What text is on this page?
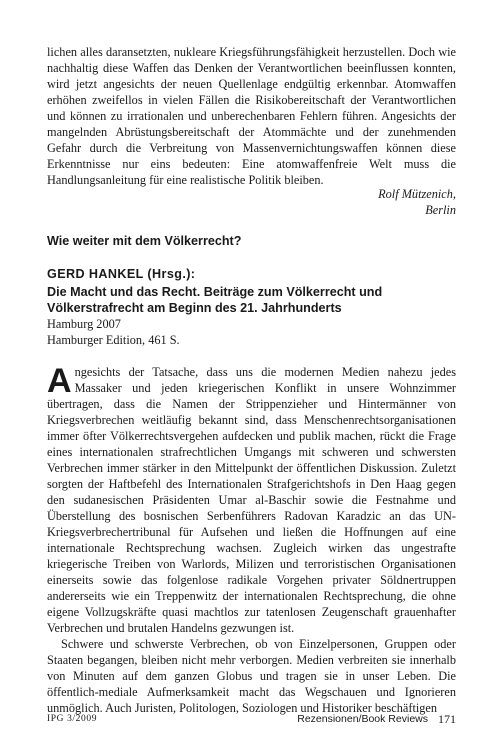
lichen alles daransetzten, nukleare Kriegsführungsfähigkeit herzustellen. Doch wie nachhaltig diese Waffen das Denken der Verantwortlichen beeinflussen konnten, wird jetzt angesichts der neuen Quellenlage endgültig erkennbar. Atomwaffen erhöhen zweifellos in vielen Fällen die Risikobereitschaft der Verantwortlichen und können zu irrationalen und unberechenbaren Fehlern führen. Angesichts der mangelnden Abrüstungsbereitschaft der Atommächte und der zunehmenden Gefahr durch die Verbreitung von Massenvernichtungswaffen können diese Erkenntnisse nur eins bedeuten: Eine atomwaffenfreie Welt muss die Handlungsanleitung für eine realistische Politik bleiben.

Rolf Mützenich,
Berlin
Wie weiter mit dem Völkerrecht?
GERD HANKEL (Hrsg.):
Die Macht und das Recht. Beiträge zum Völkerrecht und Völkerstrafrecht am Beginn des 21. Jahrhunderts
Hamburg 2007
Hamburger Edition, 461 S.

Angesichts der Tatsache, dass uns die modernen Medien nahezu jedes Massaker und jeden kriegerischen Konflikt in unsere Wohnzimmer übertragen, dass die Namen der Strippenzieher und Hintermänner von Kriegsverbrechen weitläufig bekannt sind, dass Menschenrechtsorganisationen immer öfter Völkerrechtsvergehen aufdecken und publik machen, rückt die Frage eines internationalen strafrechtlichen Umgangs mit schweren und schwersten Verbrechen immer stärker in den Mittelpunkt der öffentlichen Diskussion. Zuletzt sorgten der Haftbefehl des Internationalen Strafgerichtshofs in Den Haag gegen den sudanesischen Präsidenten Umar al-Baschir sowie die Festnahme und Überstellung des bosnischen Serbenführers Radovan Karadzic an das UN-Kriegsverbrechertribunal für Aufsehen und ließen die Hoffnungen auf eine internationale Rechtsprechung wachsen. Zugleich wirken das ungestrafte kriegerische Treiben von Warlords, Milizen und terroristischen Organisationen einerseits sowie das folgenlose radikale Vorgehen privater Söldnertruppen andererseits wie ein Treppenwitz der internationalen Rechtsprechung, die ohne eigene Vollzugskräfte quasi machtlos zur tatenlosen Zeugenschaft grauenhafter Verbrechen und brutalen Handelns gezwungen ist.

Schwere und schwerste Verbrechen, ob von Einzelpersonen, Gruppen oder Staaten begangen, bleiben nicht mehr verborgen. Medien verbreiten sie innerhalb von Minuten auf dem ganzen Globus und tragen sie in unser Leben. Die öffentlich-mediale Aufmerksamkeit macht das Wegschauen und Ignorieren unmöglich. Auch Juristen, Politologen, Soziologen und Historiker beschäftigen

IPG 3/2009	Rezensionen/Book Reviews 171
